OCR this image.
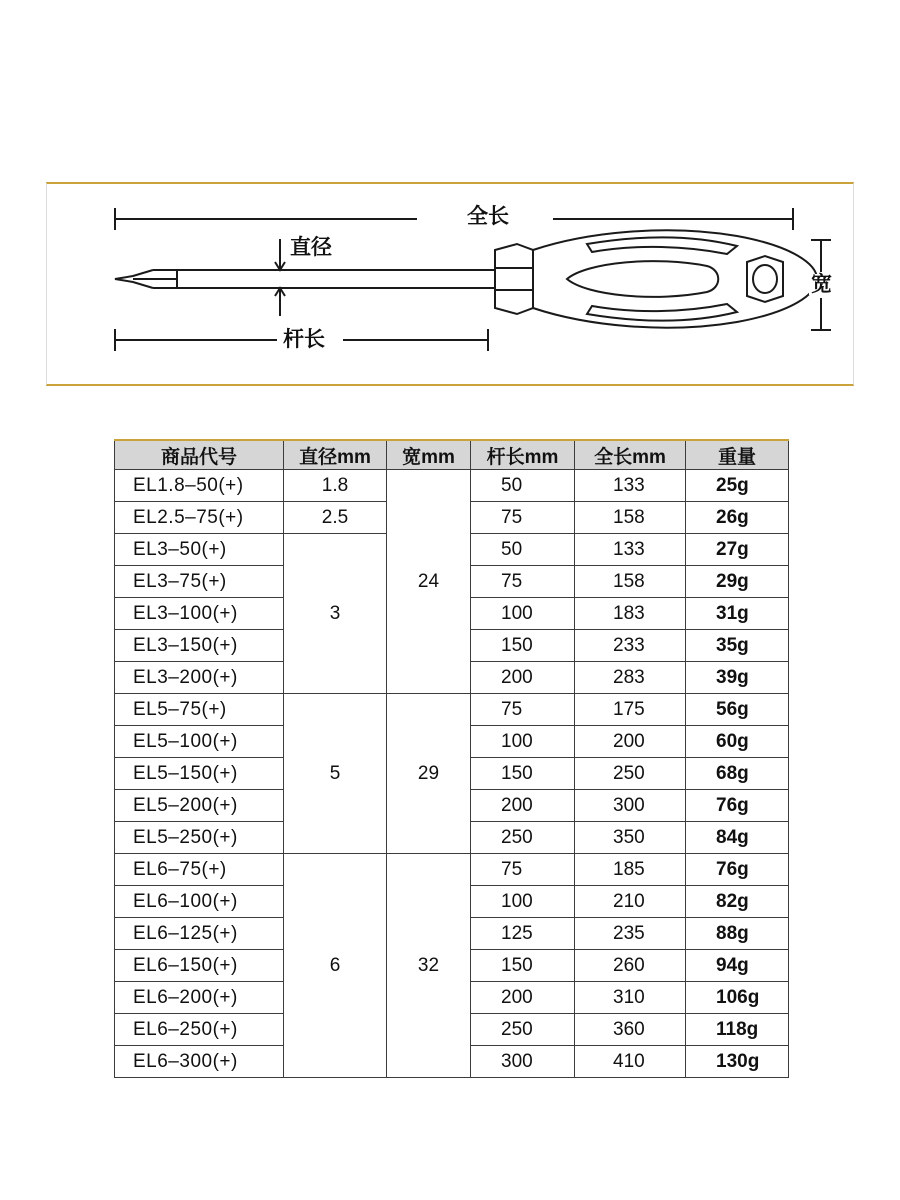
全长
直径
宽
杆长
商品代号	直径mm	宽mm	杆长mm	全长mm	重量
EL1.8–50(+)	1.8	24	50	133	25g
EL2.5–75(+)	2.5		75	158	26g
EL3–50(+)	3		50	133	27g
EL3–75(+)			75	158	29g
EL3–100(+)			100	183	31g
EL3–150(+)			150	233	35g
EL3–200(+)			200	283	39g
EL5–75(+)	5	29	75	175	56g
EL5–100(+)			100	200	60g
EL5–150(+)			150	250	68g
EL5–200(+)			200	300	76g
EL5–250(+)			250	350	84g
EL6–75(+)	6	32	75	185	76g
EL6–100(+)			100	210	82g
EL6–125(+)			125	235	88g
EL6–150(+)			150	260	94g
EL6–200(+)			200	310	106g
EL6–250(+)			250	360	118g
EL6–300(+)			300	410	130g
